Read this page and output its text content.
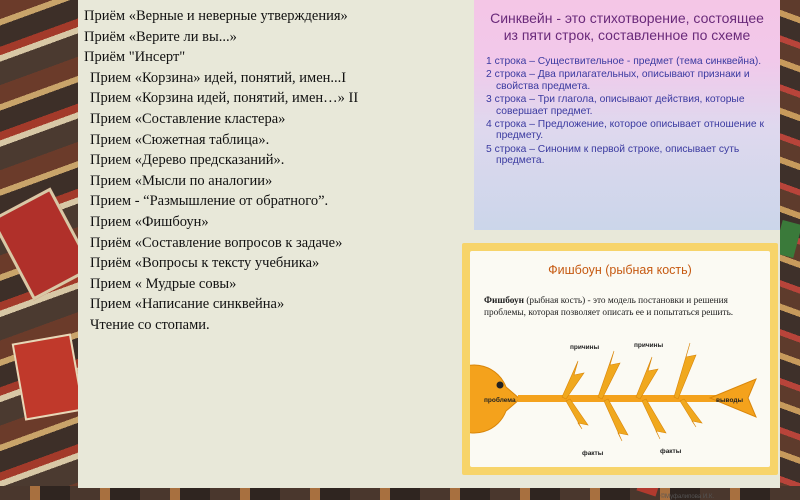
Приём «Верные и неверные утверждения»
Приём «Верите ли вы...»
Приём "Инсерт"
Прием «Корзина» идей, понятий, имен...I
Прием «Корзина идей, понятий, имен…» II
Прием «Составление кластера»
Прием «Сюжетная таблица».
Прием «Дерево предсказаний».
Прием «Мысли по аналогии»
Прием - “Размышление от обратного”.
Прием «Фишбоун»
Приём «Составление вопросов к задаче»
Приём «Вопросы к тексту учебника»
Прием « Мудрые совы»
Прием «Написание синквейна»
Чтение со стопами.
Синквейн - это стихотворение, состоящее из пяти строк, составленное по схеме
1 строка – Существительное - предмет (тема синквейна).
2 строка – Два прилагательных, описывают признаки и свойства предмета.
3 строка – Три глагола, описывают действия, которые совершает предмет.
4 строка – Предложение, которое описывает отношение к предмету.
5 строка – Синоним к первой строке, описывает суть предмета.
Фишбоун (рыбная кость)
Фишбоун (рыбная кость) - это модель постановки и решения проблемы, которая позволяет описать ее и попытаться решить.
причины	причины
проблема	выводы
факты	факты
©Муфалипова И.К.
